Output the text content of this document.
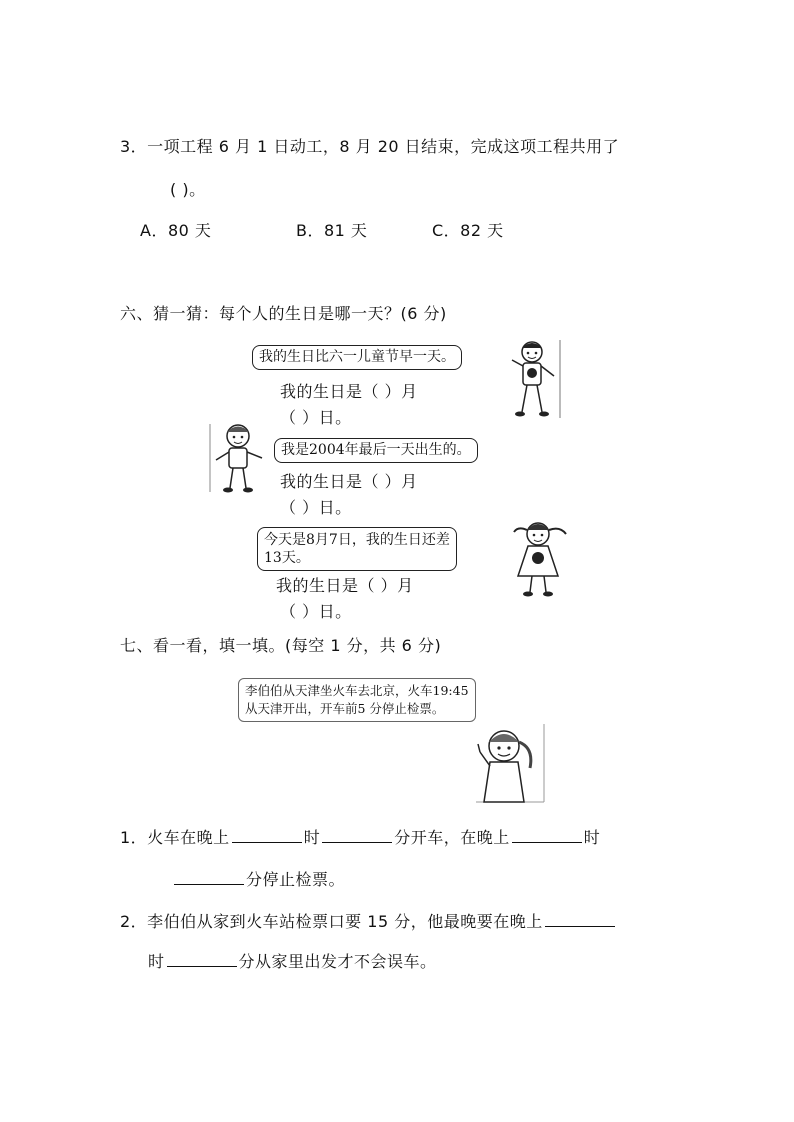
3．一项工程 6 月 1 日动工，8 月 20 日结束，完成这项工程共用了
( )。
A．80 天	B．81 天	C．82 天
六、猜一猜：每个人的生日是哪一天？(6 分)
我的生日比六一儿童节早一天。
我的生日是（ ）月
（ ）日。
我是2004年最后一天出生的。
我的生日是（ ）月
（ ）日。
今天是8月7日，我的生日还差
13天。
我的生日是（ ）月
（ ）日。
七、看一看，填一填。(每空 1 分，共 6 分)
李伯伯从天津坐火车去北京，火车19:45
从天津开出，开车前5 分停止检票。
1．火车在晚上	时	分开车，在晚上	时
分停止检票。
2．李伯伯从家到火车站检票口要 15 分，他最晚要在晚上
时	分从家里出发才不会误车。
